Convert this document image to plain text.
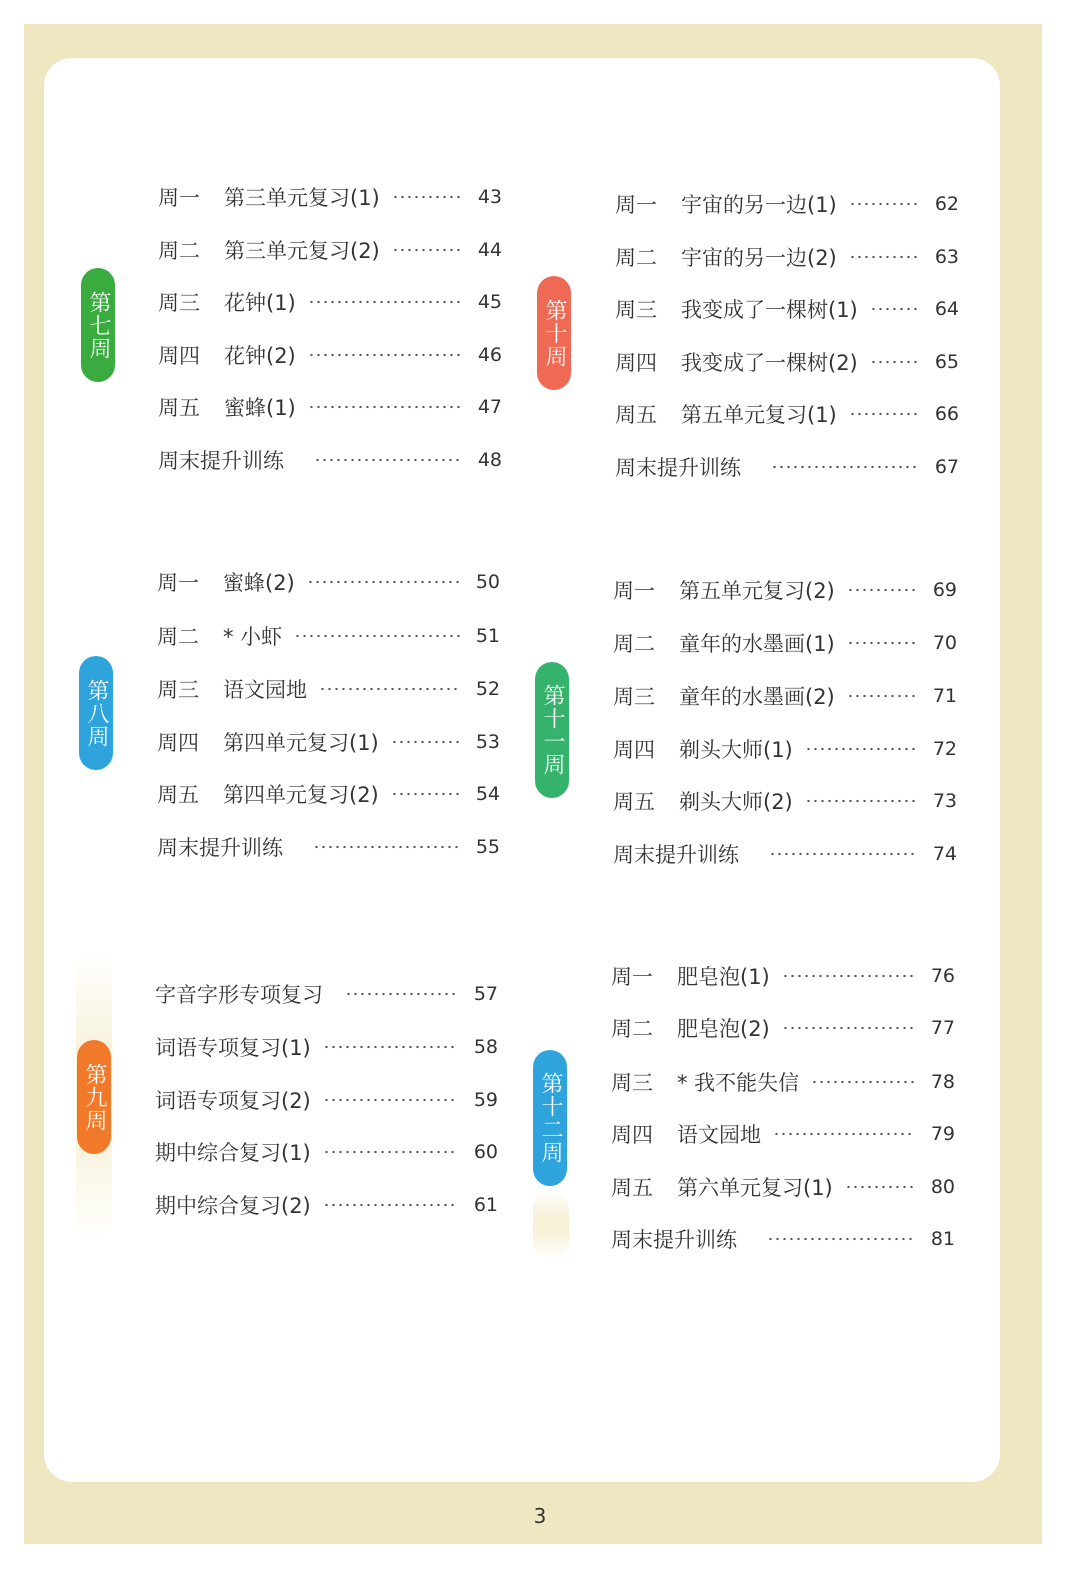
第七周
第八周
第九周
第十周
第十一周
第十二周
周一	第三单元复习(1)	43
周二	第三单元复习(2)	44
周三	花钟(1)	45
周四	花钟(2)	46
周五	蜜蜂(1)	47
周末提升训练	48
周一	蜜蜂(2)	50
周二	* 小虾	51
周三	语文园地	52
周四	第四单元复习(1)	53
周五	第四单元复习(2)	54
周末提升训练	55
字音字形专项复习	57
词语专项复习(1)	58
词语专项复习(2)	59
期中综合复习(1)	60
期中综合复习(2)	61
周一	宇宙的另一边(1)	62
周二	宇宙的另一边(2)	63
周三	我变成了一棵树(1)	64
周四	我变成了一棵树(2)	65
周五	第五单元复习(1)	66
周末提升训练	67
周一	第五单元复习(2)	69
周二	童年的水墨画(1)	70
周三	童年的水墨画(2)	71
周四	剃头大师(1)	72
周五	剃头大师(2)	73
周末提升训练	74
周一	肥皂泡(1)	76
周二	肥皂泡(2)	77
周三	* 我不能失信	78
周四	语文园地	79
周五	第六单元复习(1)	80
周末提升训练	81
3
